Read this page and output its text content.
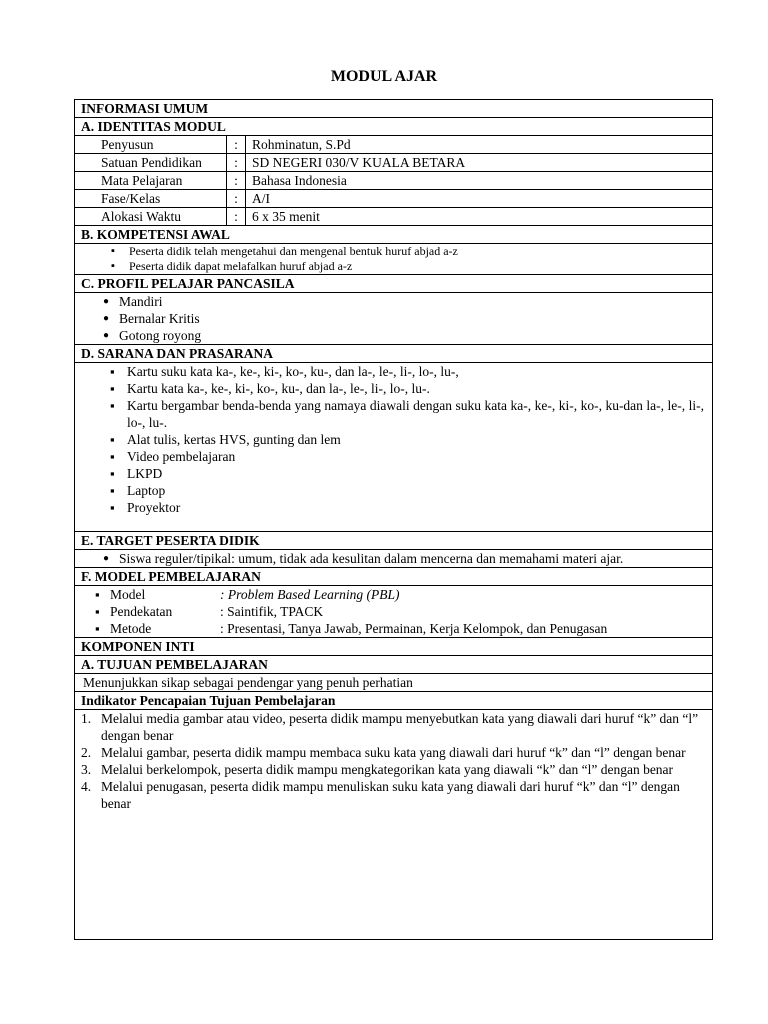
MODUL AJAR
INFORMASI UMUM
A. IDENTITAS MODUL
Penyusun	:	Rohminatun, S.Pd
Satuan Pendidikan	:	SD NEGERI 030/V KUALA BETARA
Mata Pelajaran	:	Bahasa Indonesia
Fase/Kelas	:	A/I
Alokasi Waktu	:	6 x 35 menit
B. KOMPETENSI AWAL
▪ Peserta didik telah mengetahui dan mengenal bentuk huruf abjad a-z
▪ Peserta didik dapat melafalkan huruf abjad a-z
C. PROFIL PELAJAR PANCASILA
● Mandiri
● Bernalar Kritis
● Gotong royong
D. SARANA DAN PRASARANA
▪ Kartu suku kata ka-, ke-, ki-, ko-, ku-, dan la-, le-, li-, lo-, lu-,
▪ Kartu kata ka-, ke-, ki-, ko-, ku-, dan la-, le-, li-, lo-, lu-.
▪ Kartu bergambar benda-benda yang namaya diawali dengan suku kata ka-, ke-, ki-, ko-, ku-dan la-, le-, li-, lo-, lu-.
▪ Alat tulis, kertas HVS, gunting dan lem
▪ Video pembelajaran
▪ LKPD
▪ Laptop
▪ Proyektor
E. TARGET PESERTA DIDIK
● Siswa reguler/tipikal: umum, tidak ada kesulitan dalam mencerna dan memahami materi ajar.
F. MODEL PEMBELAJARAN
▪ Model	: Problem Based Learning (PBL)
▪ Pendekatan	: Saintifik, TPACK
▪ Metode	: Presentasi, Tanya Jawab, Permainan, Kerja Kelompok, dan Penugasan
KOMPONEN INTI
A. TUJUAN PEMBELAJARAN
Menunjukkan sikap sebagai pendengar yang penuh perhatian
Indikator Pencapaian Tujuan Pembelajaran
1. Melalui media gambar atau video, peserta didik mampu menyebutkan kata yang diawali dari huruf “k” dan “l” dengan benar
2. Melalui gambar, peserta didik mampu membaca suku kata yang diawali dari huruf “k” dan “l” dengan benar
3. Melalui berkelompok, peserta didik mampu mengkategorikan kata yang diawali “k” dan “l” dengan benar
4. Melalui penugasan, peserta didik mampu menuliskan suku kata yang diawali dari huruf “k” dan “l” dengan benar
